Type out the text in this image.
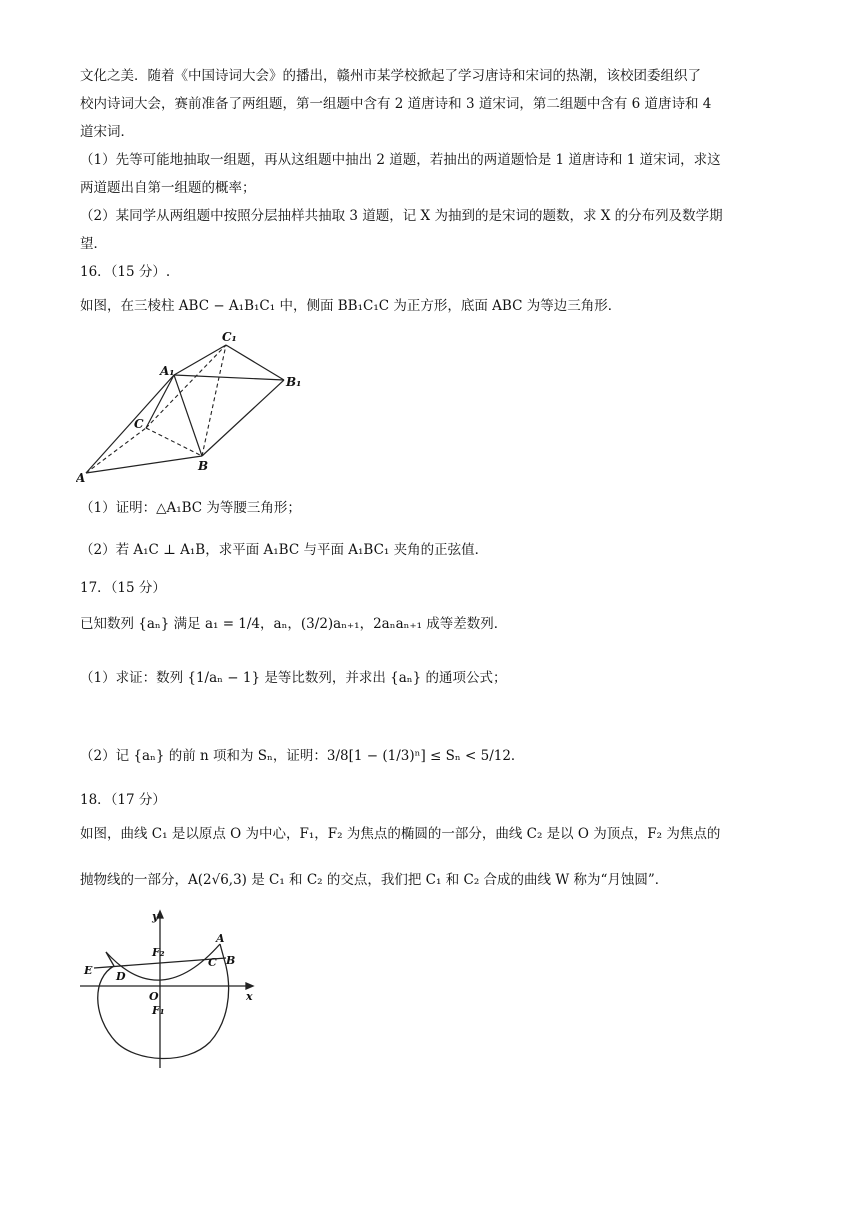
文化之美．随着《中国诗词大会》的播出，赣州市某学校掀起了学习唐诗和宋词的热潮，该校团委组织了
校内诗词大会，赛前准备了两组题，第一组题中含有 2 道唐诗和 3 道宋词，第二组题中含有 6 道唐诗和 4
道宋词．
（1）先等可能地抽取一组题，再从这组题中抽出 2 道题，若抽出的两道题恰是 1 道唐诗和 1 道宋词，求这
两道题出自第一组题的概率；
（2）某同学从两组题中按照分层抽样共抽取 3 道题，记 X 为抽到的是宋词的题数，求 X 的分布列及数学期
望．
16．（15 分）.
如图，在三棱柱 ABC − A₁B₁C₁ 中，侧面 BB₁C₁C 为正方形，底面 ABC 为等边三角形．
A
B
C
A₁
B₁
C₁
（1）证明：△A₁BC 为等腰三角形；
（2）若 A₁C ⊥ A₁B，求平面 A₁BC 与平面 A₁BC₁ 夹角的正弦值．
17．（15 分）
已知数列 {aₙ} 满足 a₁ = 1/4，aₙ，(3/2)aₙ₊₁，2aₙaₙ₊₁ 成等差数列．
（1）求证：数列 {1/aₙ − 1} 是等比数列，并求出 {aₙ} 的通项公式；
（2）记 {aₙ} 的前 n 项和为 Sₙ，证明：3/8[1 − (1/3)ⁿ] ≤ Sₙ < 5/12．
18．（17 分）
如图，曲线 C₁ 是以原点 O 为中心，F₁，F₂ 为焦点的椭圆的一部分，曲线 C₂ 是以 O 为顶点，F₂ 为焦点的
抛物线的一部分，A(2√6,3) 是 C₁ 和 C₂ 的交点，我们把 C₁ 和 C₂ 合成的曲线 W 称为“月蚀圆”．
y
x
O
F₂
F₁
A
B
C
D
E
